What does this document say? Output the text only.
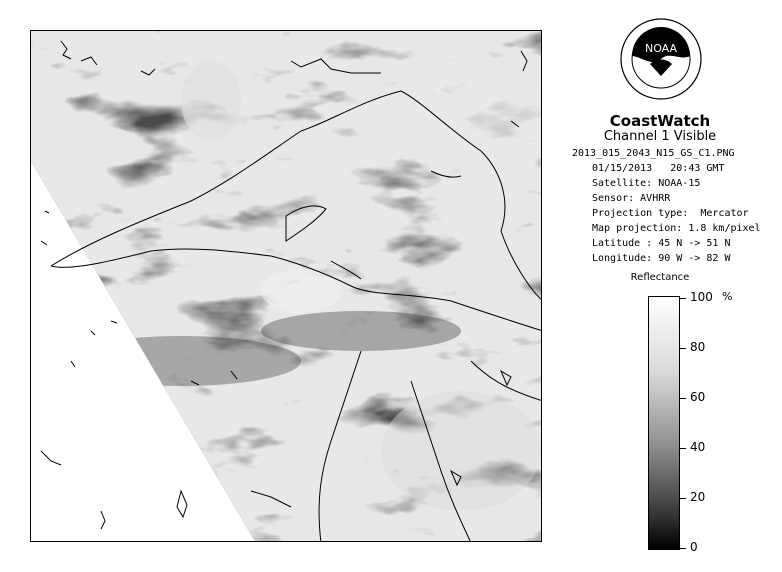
NOAA
CoastWatch
Channel 1 Visible
2013_015_2043_N15_GS_C1.PNG
01/15/2013   20:43 GMT
Satellite: NOAA-15
Sensor: AVHRR
Projection type:  Mercator
Map projection: 1.8 km/pixel
Latitude : 45 N -> 51 N
Longitude: 90 W -> 82 W
Reflectance
%
100
80
60
40
20
0
